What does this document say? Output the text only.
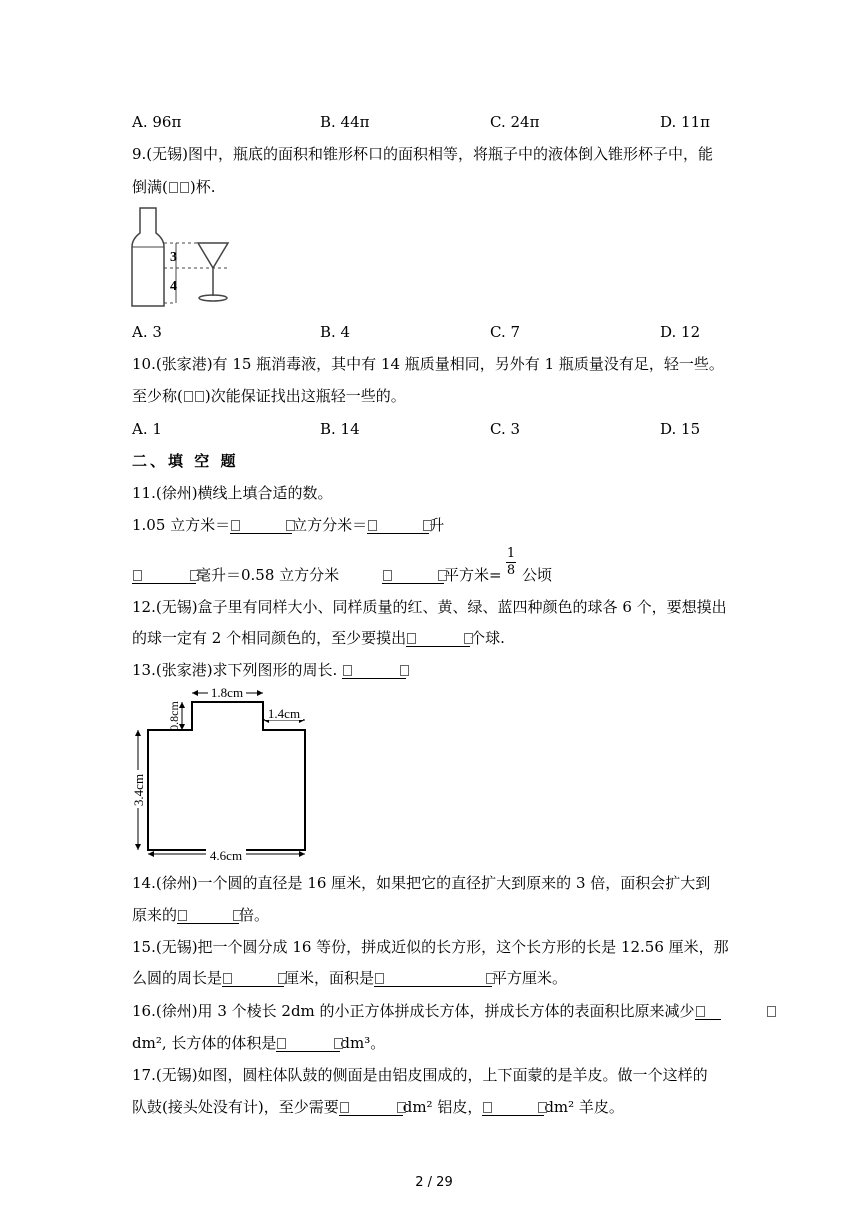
A. 96π	B. 44π	C. 24π	D. 11π
9.(无锡)图中，瓶底的面积和锥形杯口的面积相等，将瓶子中的液体倒入锥形杯子中，能
倒满( )杯.
3
4
A. 3	B. 4	C. 7	D. 12
10.(张家港)有 15 瓶消毒液，其中有 14 瓶质量相同，另外有 1 瓶质量没有足，轻一些。
至少称( )次能保证找出这瓶轻一些的。
A. 1	B. 14	C. 3	D. 15
二、填 空 题
11.(徐州)横线上填合适的数。
1.05 立方米＝	立方分米＝	升
毫升＝0.58 立方分米	平方米=
1
8 公顷
12.(无锡)盒子里有同样大小、同样质量的红、黄、绿、蓝四种颜色的球各 6 个，要想摸出
的球一定有 2 个相同颜色的，至少要摸出	个球.
13.(张家港)求下列图形的周长.
1.8cm
0.8cm	1.4cm
3.4cm
4.6cm
14.(徐州)一个圆的直径是 16 厘米，如果把它的直径扩大到原来的 3 倍，面积会扩大到
原来的	倍。
15.(无锡)把一个圆分成 16 等份，拼成近似的长方形，这个长方形的长是 12.56 厘米，那
么圆的周长是	厘米，面积是	平方厘米。
16.(徐州)用 3 个棱长 2dm 的小正方体拼成长方体，拼成长方体的表面积比原来减少
dm², 长方体的体积是	dm³。
17.(无锡)如图，圆柱体队鼓的侧面是由铝皮围成的，上下面蒙的是羊皮。做一个这样的
队鼓(接头处没有计)，至少需要	dm² 铝皮，	dm² 羊皮。
2 / 29
